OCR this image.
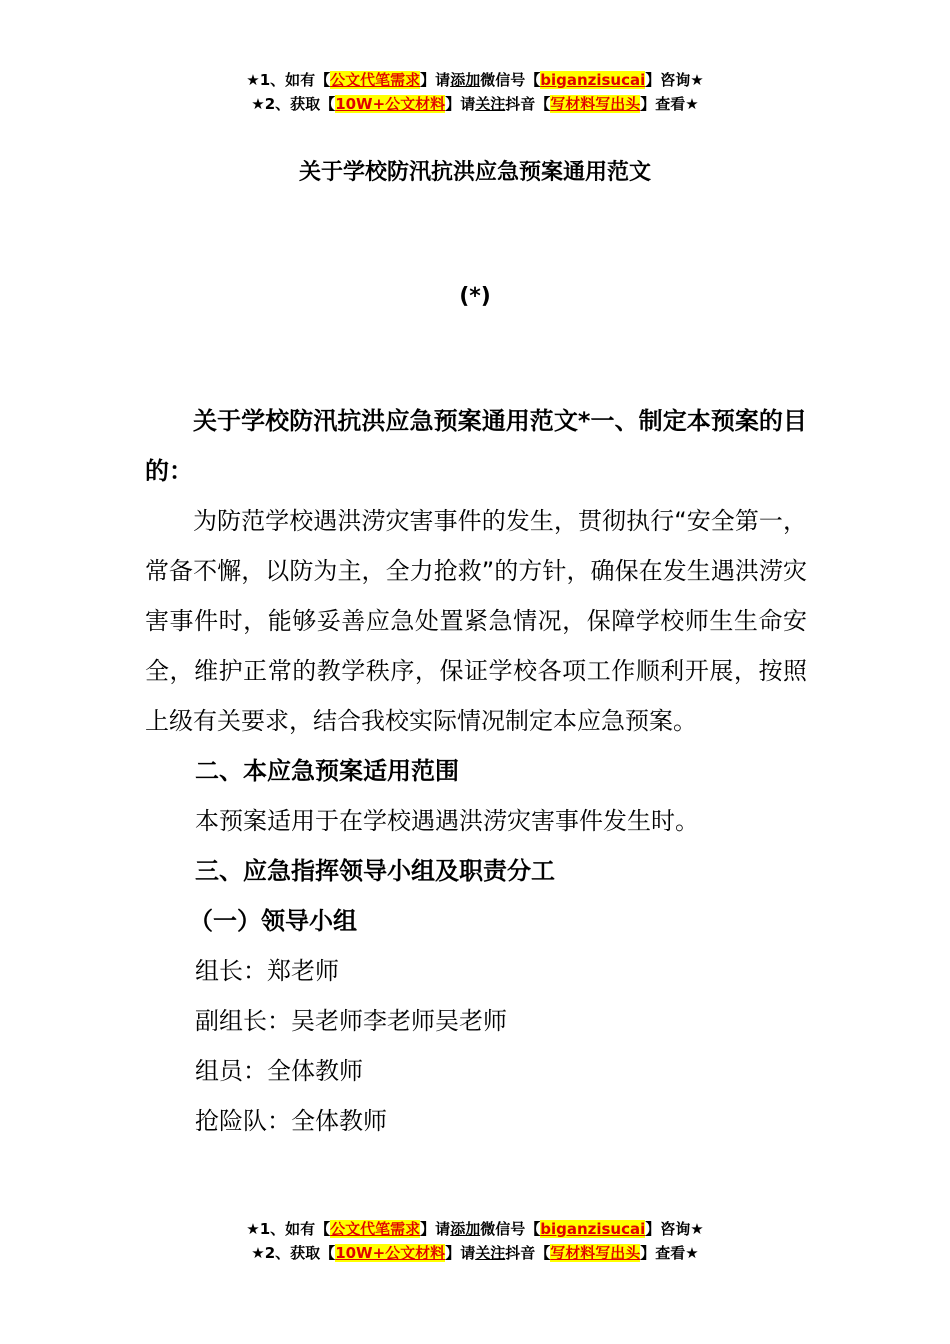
★1、如有【公文代笔需求】请添加微信号【biganzisucai】咨询★
★2、获取【10W+公文材料】请关注抖音【写材料写出头】查看★
关于学校防汛抗洪应急预案通用范文
(*)

关于学校防汛抗洪应急预案通用范文*一、制定本预案的目的：

为防范学校遇洪涝灾害事件的发生，贯彻执行“安全第一，常备不懈，以防为主，全力抢救”的方针，确保在发生遇洪涝灾害事件时，能够妥善应急处置紧急情况，保障学校师生生命安全，维护正常的教学秩序，保证学校各项工作顺利开展，按照上级有关要求，结合我校实际情况制定本应急预案。

二、本应急预案适用范围

本预案适用于在学校遇遇洪涝灾害事件发生时。

三、应急指挥领导小组及职责分工

（一）领导小组

组长：郑老师

副组长：吴老师李老师吴老师

组员：全体教师

抢险队：全体教师

★1、如有【公文代笔需求】请添加微信号【biganzisucai】咨询★
★2、获取【10W+公文材料】请关注抖音【写材料写出头】查看★
